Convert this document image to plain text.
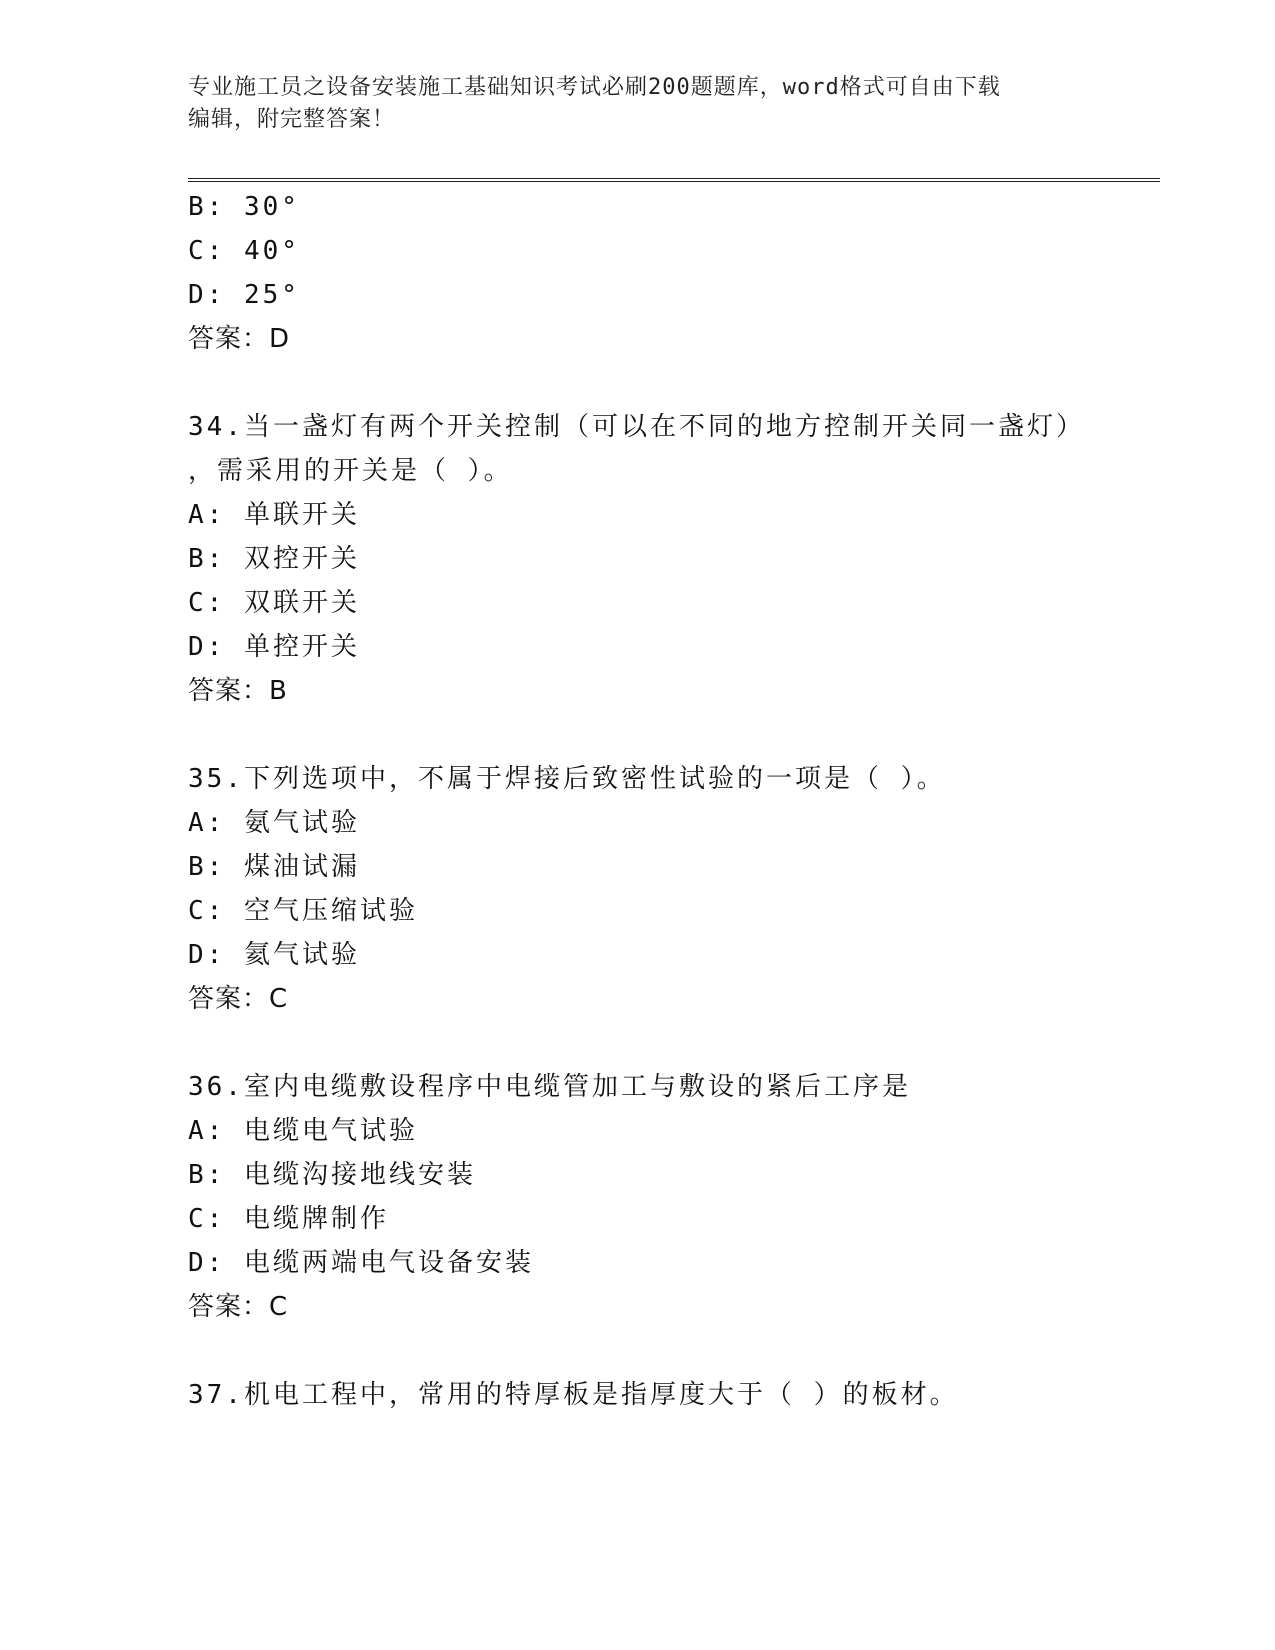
专业施工员之设备安装施工基础知识考试必刷200题题库，word格式可自由下载
编辑，附完整答案！
B: 30°
C: 40°
D: 25°
答案：D
34.当一盏灯有两个开关控制（可以在不同的地方控制开关同一盏灯）
，需采用的开关是（ ）。
A: 单联开关
B: 双控开关
C: 双联开关
D: 单控开关
答案：B
35.下列选项中，不属于焊接后致密性试验的一项是（ ）。
A: 氨气试验
B: 煤油试漏
C: 空气压缩试验
D: 氦气试验
答案：C
36.室内电缆敷设程序中电缆管加工与敷设的紧后工序是
A: 电缆电气试验
B: 电缆沟接地线安装
C: 电缆牌制作
D: 电缆两端电气设备安装
答案：C
37.机电工程中，常用的特厚板是指厚度大于（ ）的板材。
